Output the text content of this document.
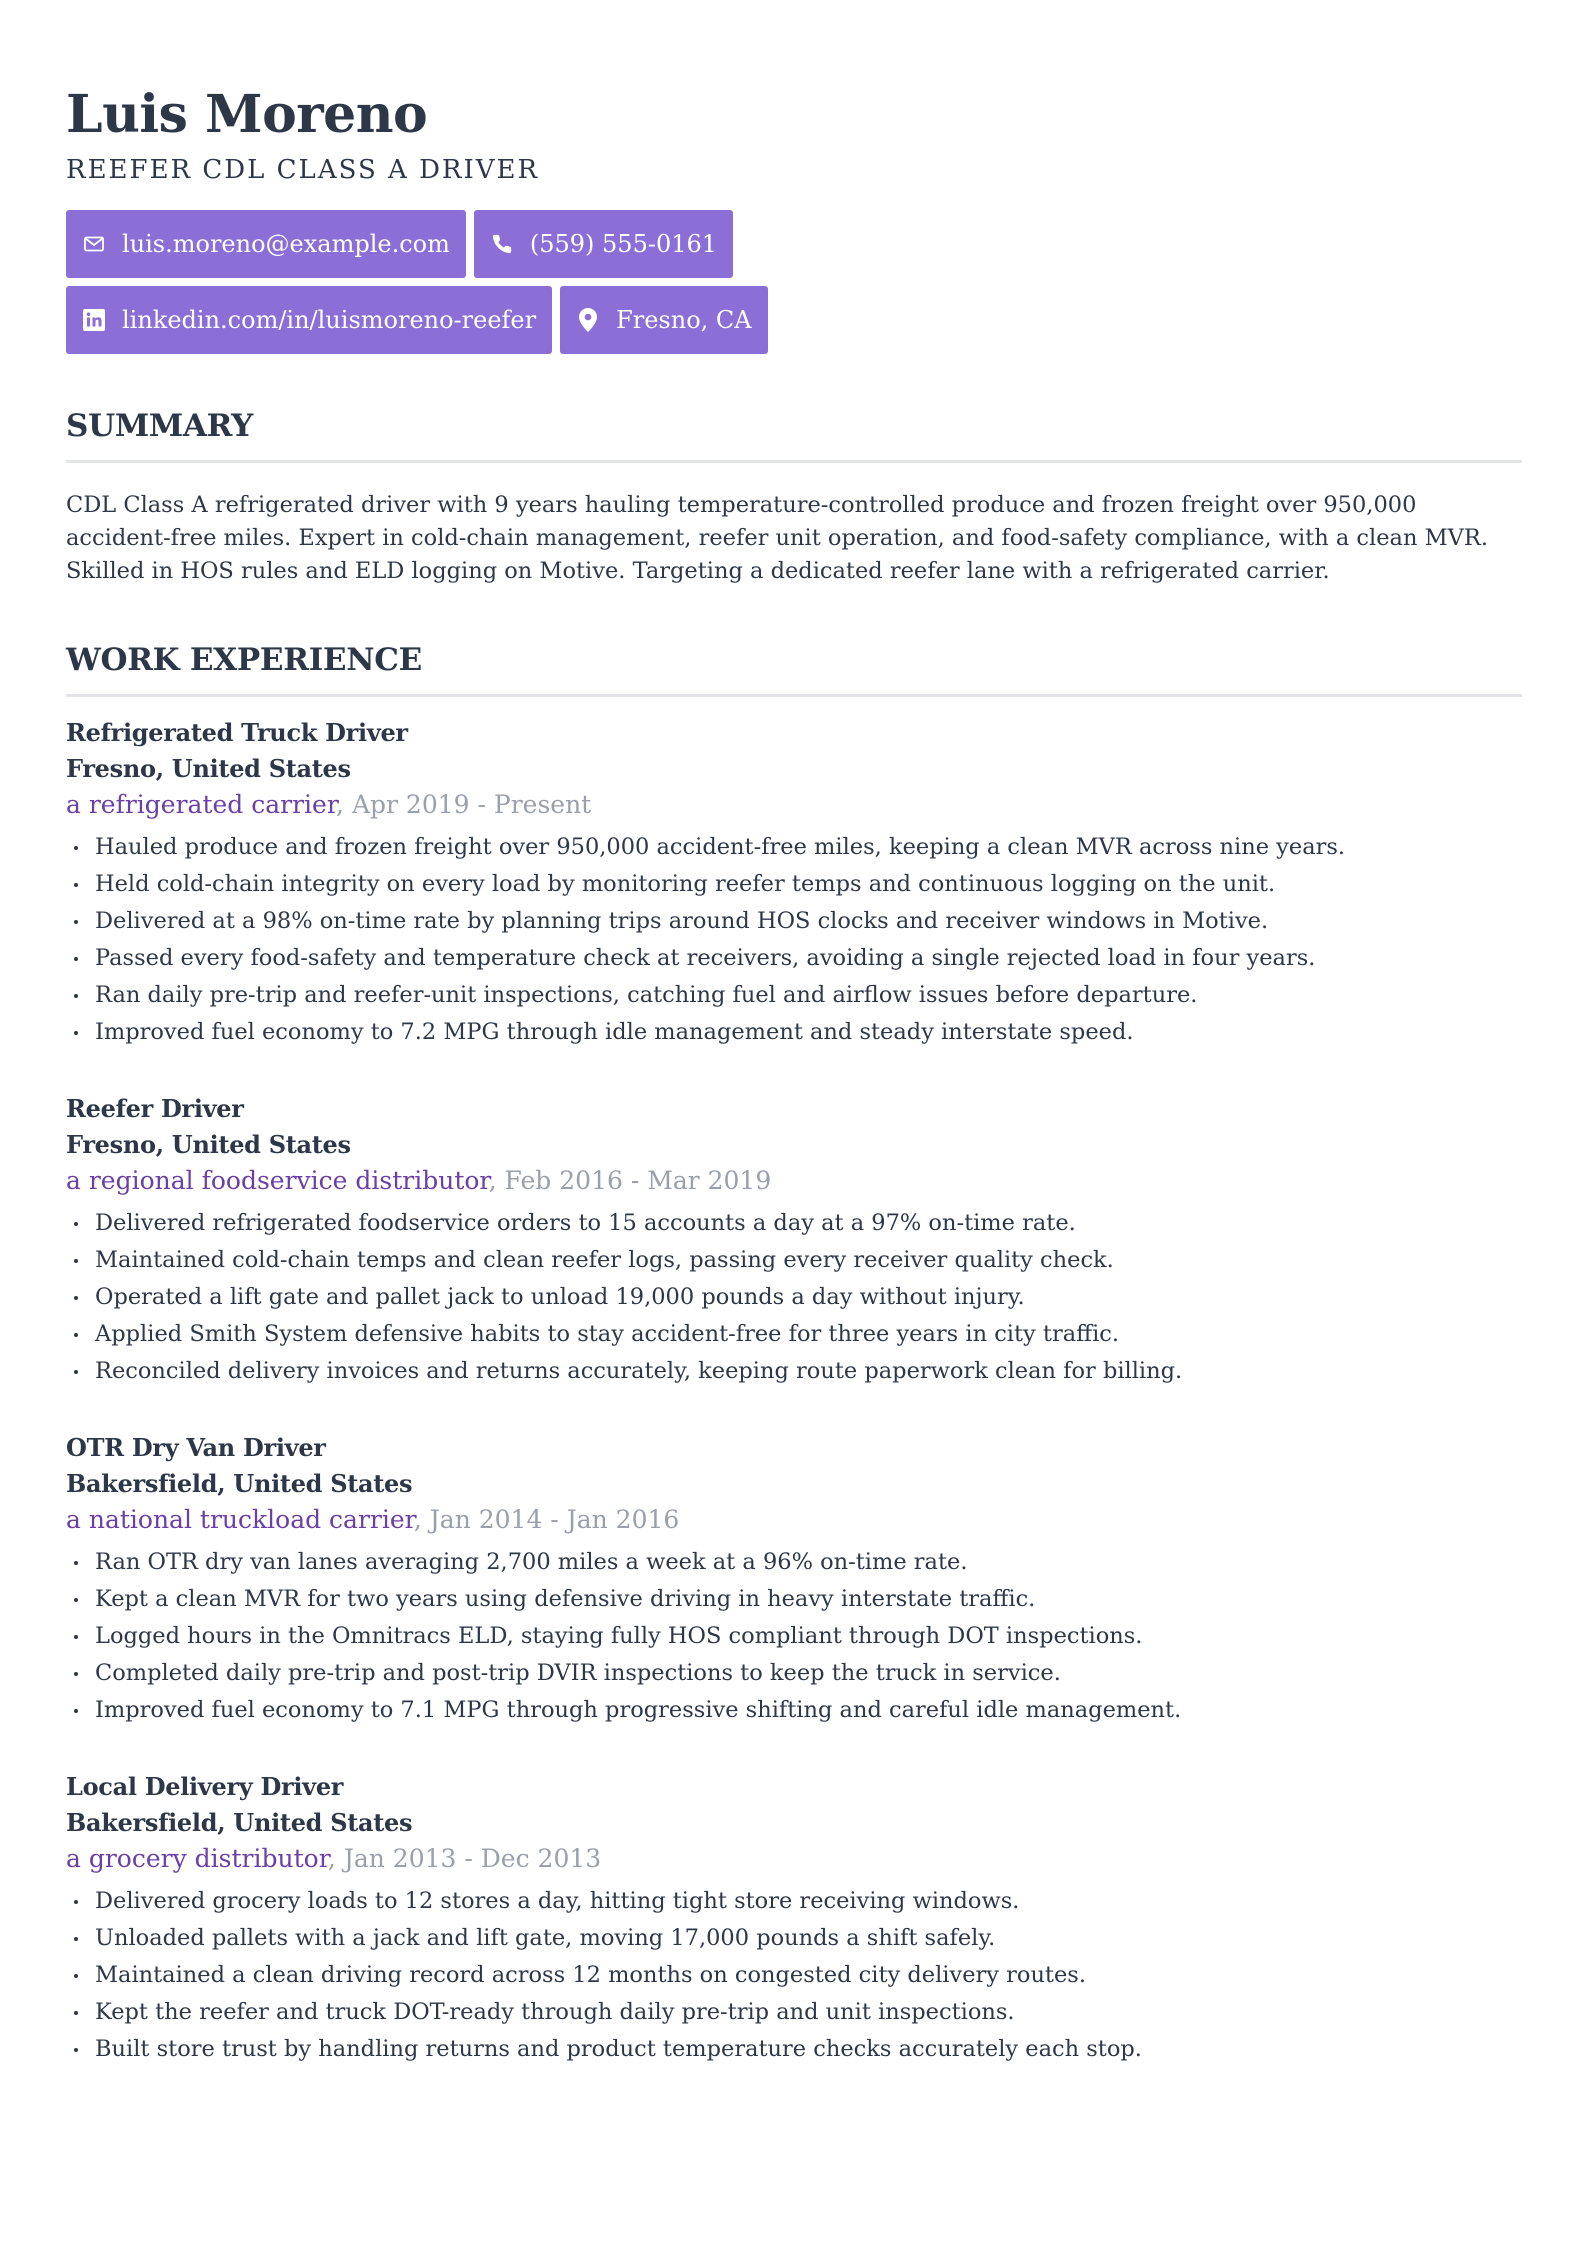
Luis Moreno
REEFER CDL CLASS A DRIVER
luis.moreno@example.com	(559) 555-0161
linkedin.com/in/luismoreno-reefer	Fresno, CA
SUMMARY

CDL Class A refrigerated driver with 9 years hauling temperature-controlled produce and frozen freight over 950,000 accident-free miles. Expert in cold-chain management, reefer unit operation, and food-safety compliance, with a clean MVR. Skilled in HOS rules and ELD logging on Motive. Targeting a dedicated reefer lane with a refrigerated carrier.

WORK EXPERIENCE
Refrigerated Truck Driver
Fresno, United States
a refrigerated carrier, Apr 2019 - Present
Hauled produce and frozen freight over 950,000 accident-free miles, keeping a clean MVR across nine years.
Held cold-chain integrity on every load by monitoring reefer temps and continuous logging on the unit.
Delivered at a 98% on-time rate by planning trips around HOS clocks and receiver windows in Motive.
Passed every food-safety and temperature check at receivers, avoiding a single rejected load in four years.
Ran daily pre-trip and reefer-unit inspections, catching fuel and airflow issues before departure.
Improved fuel economy to 7.2 MPG through idle management and steady interstate speed.
Reefer Driver
Fresno, United States
a regional foodservice distributor, Feb 2016 - Mar 2019
Delivered refrigerated foodservice orders to 15 accounts a day at a 97% on-time rate.
Maintained cold-chain temps and clean reefer logs, passing every receiver quality check.
Operated a lift gate and pallet jack to unload 19,000 pounds a day without injury.
Applied Smith System defensive habits to stay accident-free for three years in city traffic.
Reconciled delivery invoices and returns accurately, keeping route paperwork clean for billing.
OTR Dry Van Driver
Bakersfield, United States
a national truckload carrier, Jan 2014 - Jan 2016
Ran OTR dry van lanes averaging 2,700 miles a week at a 96% on-time rate.
Kept a clean MVR for two years using defensive driving in heavy interstate traffic.
Logged hours in the Omnitracs ELD, staying fully HOS compliant through DOT inspections.
Completed daily pre-trip and post-trip DVIR inspections to keep the truck in service.
Improved fuel economy to 7.1 MPG through progressive shifting and careful idle management.
Local Delivery Driver
Bakersfield, United States
a grocery distributor, Jan 2013 - Dec 2013
Delivered grocery loads to 12 stores a day, hitting tight store receiving windows.
Unloaded pallets with a jack and lift gate, moving 17,000 pounds a shift safely.
Maintained a clean driving record across 12 months on congested city delivery routes.
Kept the reefer and truck DOT-ready through daily pre-trip and unit inspections.
Built store trust by handling returns and product temperature checks accurately each stop.
